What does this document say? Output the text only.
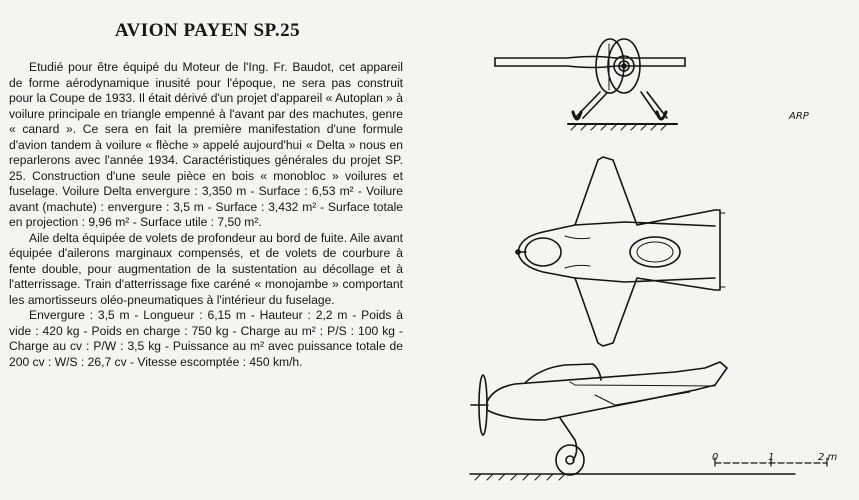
AVION PAYEN SP.25

Etudié pour être équipé du Moteur de l'Ing. Fr. Baudot, cet appareil de forme aérodynamique inusité pour l'époque, ne sera pas construit pour la Coupe de 1933. Il était dérivé d'un projet d'appareil « Autoplan » à voilure principale en triangle empenné à l'avant par des machutes, genre « canard ». Ce sera en fait la première manifestation d'une formule d'avion tandem à voilure « flèche » appelé aujourd'hui « Delta » nous en reparlerons avec l'année 1934. Caractéristiques générales du projet SP. 25. Construction d'une seule pièce en bois « monobloc » voilures et fuselage. Voilure Delta envergure : 3,350 m - Surface : 6,53 m² - Voilure avant (machute) : envergure : 3,5 m - Surface : 3,432 m² - Surface totale en projection : 9,96 m² - Surface utile : 7,50 m².

Aile delta équipée de volets de profondeur au bord de fuite. Aile avant équipée d'ailerons marginaux compensés, et de volets de courbure à fente double, pour augmentation de la sustentation au décollage et à l'atterrissage. Train d'atterrissage fixe caréné « monojambe » comportant les amortisseurs oléo-pneumatiques à l'intérieur du fuselage.

Envergure : 3,5 m - Longueur : 6,15 m - Hauteur : 2,2 m - Poids à vide : 420 kg - Poids en charge : 750 kg - Charge au m² : P/S : 100 kg - Charge au cv : P/W : 3,5 kg - Puissance au m² avec puissance totale de 200 cv : W/S : 26,7 cv - Vitesse escomptée : 450 km/h.

ARP
0	1	2 m
